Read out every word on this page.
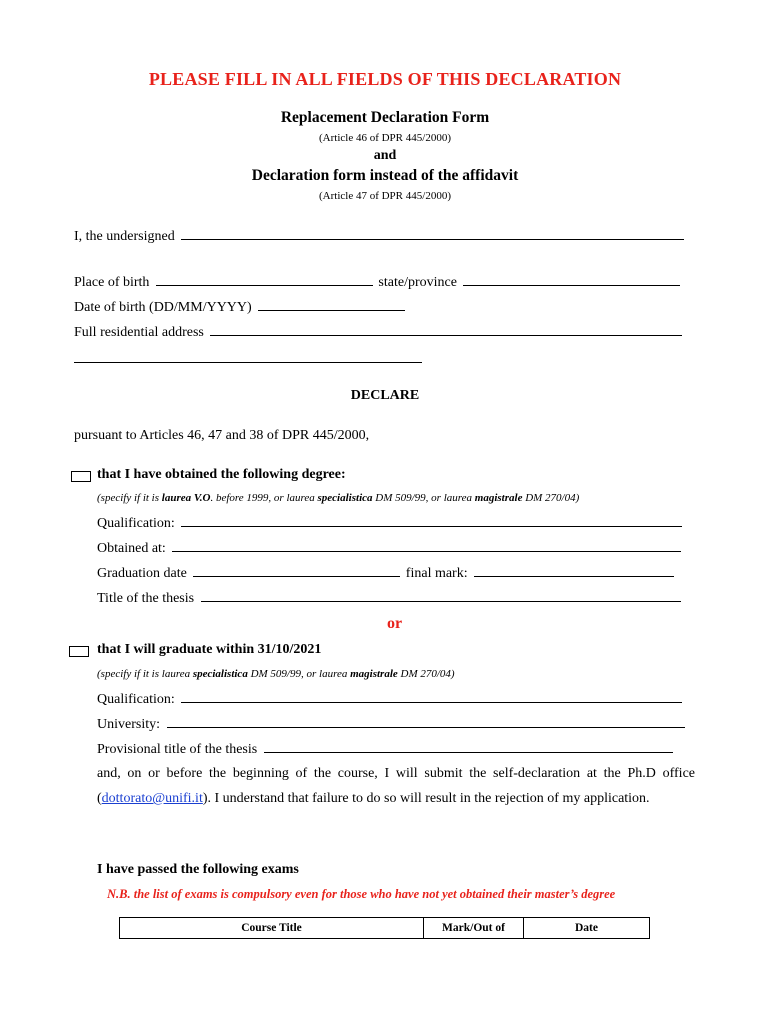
PLEASE FILL IN ALL FIELDS OF THIS DECLARATION
Replacement Declaration Form
(Article 46 of DPR 445/2000)
and
Declaration form instead of the affidavit
(Article 47 of DPR 445/2000)
I, the undersigned
Place of birth	state/province
Date of birth (DD/MM/YYYY)
Full residential address
DECLARE
pursuant to Articles 46, 47 and 38 of DPR 445/2000,
that I have obtained the following degree:
(specify if it is laurea V.O. before 1999, or laurea specialistica DM 509/99, or laurea magistrale DM 270/04)
Qualification:
Obtained at:
Graduation date	final mark:
Title of the thesis
or
that I will graduate within 31/10/2021
(specify if it is laurea specialistica DM 509/99, or laurea magistrale DM 270/04)
Qualification:
University:
Provisional title of the thesis
and, on or before the beginning of the course, I will submit the self-declaration at the Ph.D office (dottorato@unifi.it). I understand that failure to do so will result in the rejection of my application.
I have passed the following exams
N.B. the list of exams is compulsory even for those who have not yet obtained their master’s degree
Course Title	Mark/Out of	Date
